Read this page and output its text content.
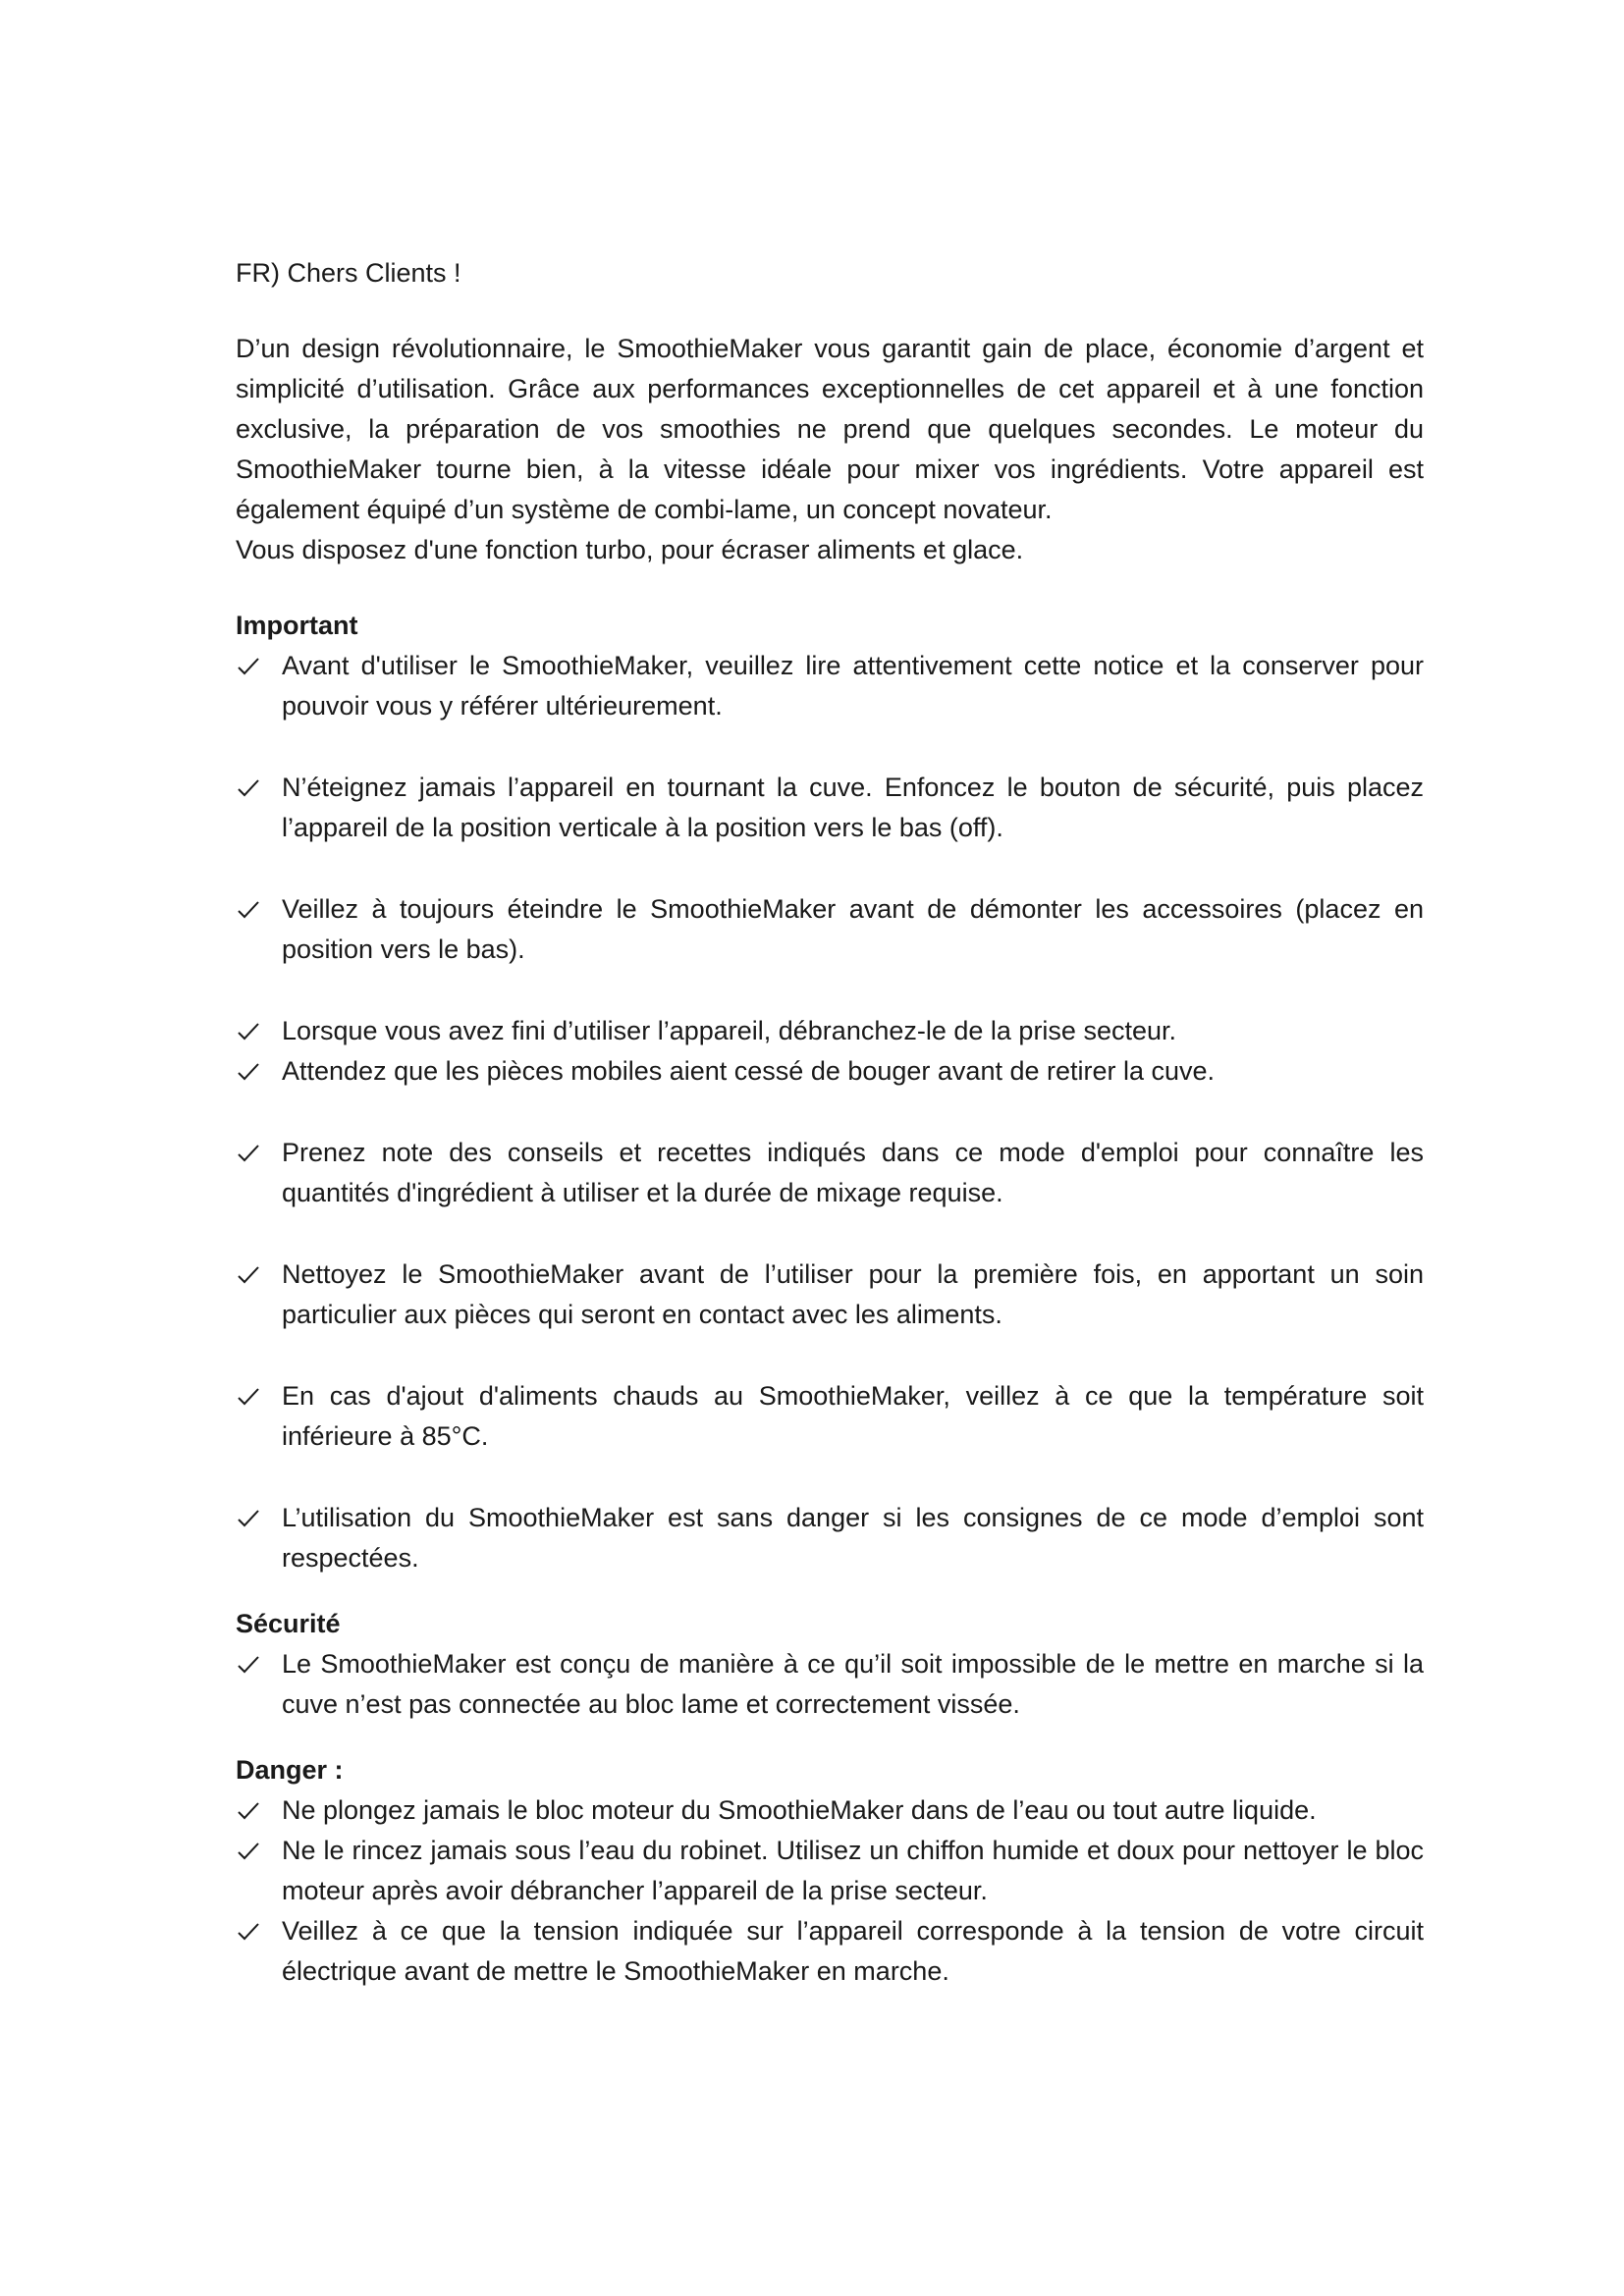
FR) Chers Clients !

D’un design révolutionnaire, le SmoothieMaker vous garantit gain de place, économie d’argent et simplicité d’utilisation. Grâce aux performances exceptionnelles de cet appareil et à une fonction exclusive, la préparation de vos smoothies ne prend que quelques secondes. Le moteur du SmoothieMaker tourne bien, à la vitesse idéale pour mixer vos ingrédients. Votre appareil est également équipé d’un système de combi-lame, un concept novateur.

Vous disposez d'une fonction turbo, pour écraser aliments et glace.

Important

Avant d'utiliser le SmoothieMaker, veuillez lire attentivement cette notice et la conserver pour pouvoir vous y référer ultérieurement.
N’éteignez jamais l’appareil en tournant la cuve. Enfoncez le bouton de sécurité, puis placez l’appareil de la position verticale à la position vers le bas (off).
Veillez à toujours éteindre le SmoothieMaker avant de démonter les accessoires (placez en position vers le bas).
Lorsque vous avez fini d’utiliser l’appareil, débranchez-le de la prise secteur.
Attendez que les pièces mobiles aient cessé de bouger avant de retirer la cuve.
Prenez note des conseils et recettes indiqués dans ce mode d'emploi pour connaître les quantités d'ingrédient à utiliser et la durée de mixage requise.
Nettoyez le SmoothieMaker avant de l’utiliser pour la première fois, en apportant un soin particulier aux pièces qui seront en contact avec les aliments.
En cas d'ajout d'aliments chauds au SmoothieMaker, veillez à ce que la température soit inférieure à 85°C.
L’utilisation du SmoothieMaker est sans danger si les consignes de ce mode d’emploi sont respectées.

Sécurité

Le SmoothieMaker est conçu de manière à ce qu’il soit impossible de le mettre en marche si la cuve n’est pas connectée au bloc lame et correctement vissée.

Danger :

Ne plongez jamais le bloc moteur du SmoothieMaker dans de l’eau ou tout autre liquide.
Ne le rincez jamais sous l’eau du robinet. Utilisez un chiffon humide et doux pour nettoyer le bloc moteur après avoir débrancher l’appareil de la prise secteur.
Veillez à ce que la tension indiquée sur l’appareil corresponde à la tension de votre circuit électrique avant de mettre le SmoothieMaker en marche.
